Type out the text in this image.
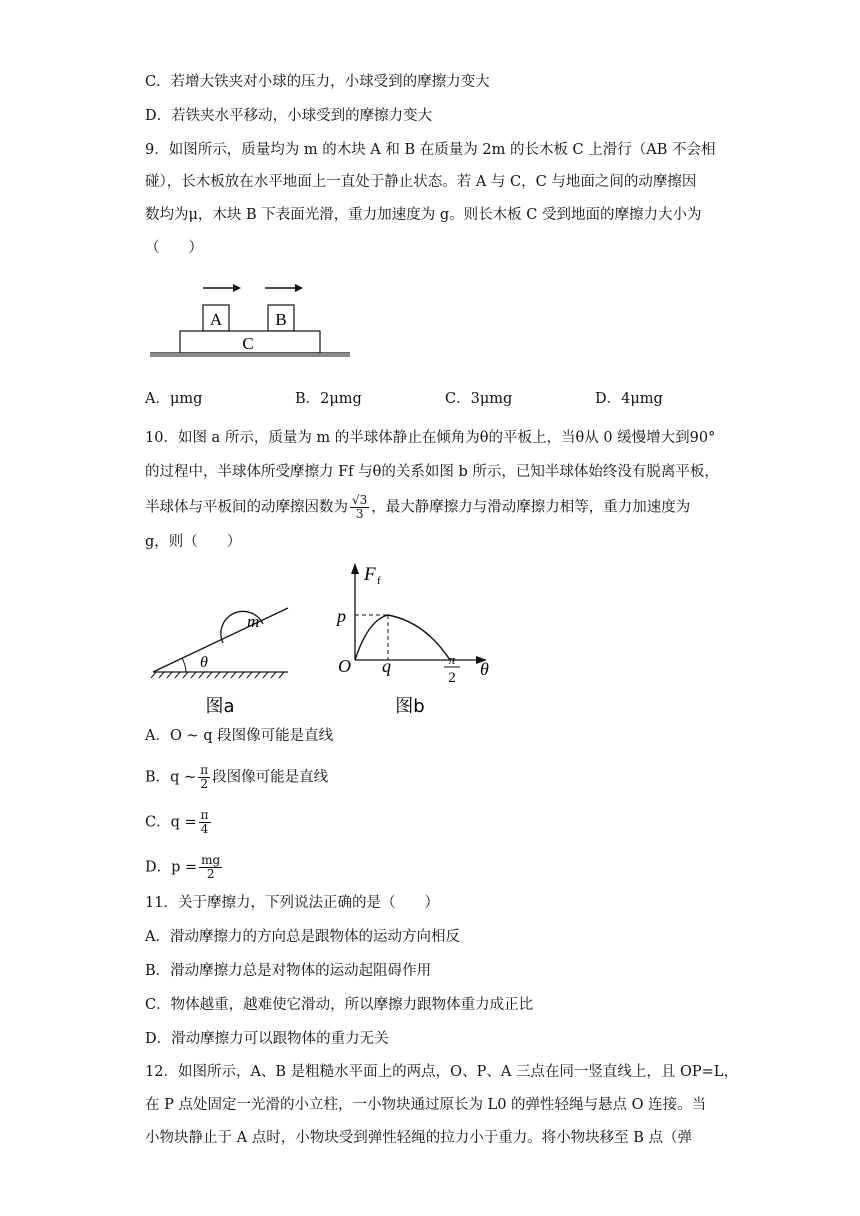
C．若增大铁夹对小球的压力，小球受到的摩擦力变大
D．若铁夹水平移动，小球受到的摩擦力变大
9．如图所示，质量均为 m 的木块 A 和 B 在质量为 2m 的长木板 C 上滑行（AB 不会相
碰），长木板放在水平地面上一直处于静止状态。若 A 与 C，C 与地面之间的动摩擦因
数均为μ，木块 B 下表面光滑，重力加速度为 g。则长木板 C 受到地面的摩擦力大小为
（　　）
A	B
C
A．μmg	B．2μmg	C．3μmg	D．4μmg
10．如图 a 所示，质量为 m 的半球体静止在倾角为θ的平板上，当θ从 0 缓慢增大到90°
的过程中，半球体所受摩擦力 Ff 与θ的关系如图 b 所示，已知半球体始终没有脱离平板，
半球体与平板间的动摩擦因数为 $\frac{√3}{3}$ ，最大静摩擦力与滑动摩擦力相等，重力加速度为
g，则（　　）
m
θ
图a
F f
p
O q	π
2 θ
图b
A．O ~ q 段图像可能是直线
B．q ~ $\frac{\pi}{2}$ 段图像可能是直线
C．$q = \frac{\pi}{4}$
D．$p = \frac{mg}{2}$
11．关于摩擦力，下列说法正确的是（　　）
A．滑动摩擦力的方向总是跟物体的运动方向相反
B．滑动摩擦力总是对物体的运动起阻碍作用
C．物体越重，越难使它滑动，所以摩擦力跟物体重力成正比
D．滑动摩擦力可以跟物体的重力无关
12．如图所示，A、B 是粗糙水平面上的两点，O、P、A 三点在同一竖直线上，且 OP=L，
在 P 点处固定一光滑的小立柱，一小物块通过原长为 L0 的弹性轻绳与悬点 O 连接。当
小物块静止于 A 点时，小物块受到弹性轻绳的拉力小于重力。将小物块移至 B 点（弹
